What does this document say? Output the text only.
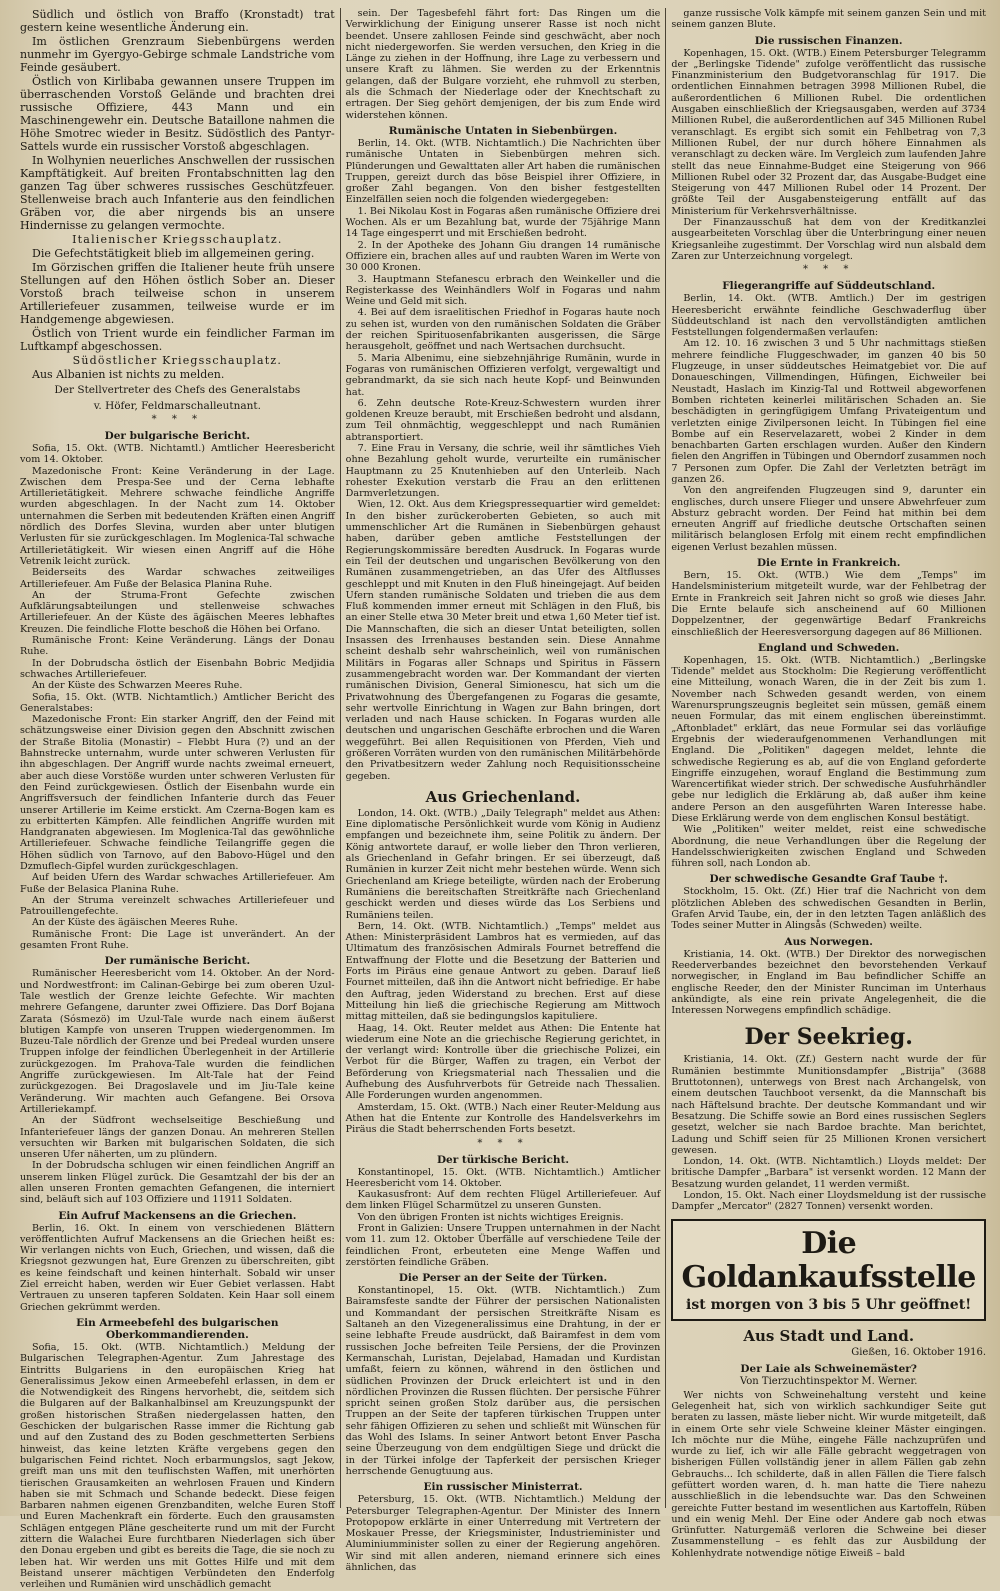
Südlich und östlich von Braffo (Kronstadt) trat gestern keine wesentliche Änderung ein.

Im östlichen Grenzraum Siebenbürgens werden nunmehr im Gyergyo-Gebirge schmale Landstriche vom Feinde gesäubert.

Östlich von Kirlibaba gewannen unsere Truppen im überraschenden Vorstoß Gelände und brachten drei russische Offiziere, 443 Mann und ein Maschinengewehr ein. Deutsche Bataillone nahmen die Höhe Smotrec wieder in Besitz. Südöstlich des Pantyr-Sattels wurde ein russischer Vorstoß abgeschlagen.

In Wolhynien neuerliches Anschwellen der russischen Kampftätigkeit. Auf breiten Frontabschnitten lag den ganzen Tag über schweres russisches Geschützfeuer. Stellenweise brach auch Infanterie aus den feindlichen Gräben vor, die aber nirgends bis an unsere Hindernisse zu gelangen vermochte.

Italienischer Kriegsschauplatz.

Die Gefechtstätigkeit blieb im allgemeinen gering.

Im Görzischen griffen die Italiener heute früh unsere Stellungen auf den Höhen östlich Sober an. Dieser Vorstoß brach teilweise schon in unserem Artilleriefeuer zusammen, teilweise wurde er im Handgemenge abgewiesen.

Östlich von Trient wurde ein feindlicher Farman im Luftkampf abgeschossen.

Südöstlicher Kriegsschauplatz.

Aus Albanien ist nichts zu melden.

Der Stellvertreter des Chefs des Generalstabs

v. Höfer, Feldmarschalleutnant.

* * *
Der bulgarische Bericht.

Sofia, 15. Okt. (WTB. Nichtamtl.) Amtlicher Heeresbericht vom 14. Oktober.

Mazedonische Front: Keine Veränderung in der Lage. Zwischen dem Prespa-See und der Cerna lebhafte Artillerietätigkeit. Mehrere schwache feindliche Angriffe wurden abgeschlagen. In der Nacht zum 14. Oktober unternahmen die Serben mit bedeutenden Kräften einen Angriff nördlich des Dorfes Slevina, wurden aber unter blutigen Verlusten für sie zurückgeschlagen. Im Moglenica-Tal schwache Artillerietätigkeit. Wir wiesen einen Angriff auf die Höhe Vetrenik leicht zurück.

Beiderseits des Wardar schwaches zeitweiliges Artilleriefeuer. Am Fuße der Belasica Planina Ruhe.

An der Struma-Front Gefechte zwischen Aufklärungsabteilungen und stellenweise schwaches Artilleriefeuer. An der Küste des ägäischen Meeres lebhaftes Kreuzen. Die feindliche Flotte beschoß die Höhen bei Orfano.

Rumänische Front: Keine Veränderung. Längs der Donau Ruhe.

In der Dobrudscha östlich der Eisenbahn Bobric Medjidia schwaches Artilleriefeuer.

An der Küste des Schwarzen Meeres Ruhe.

Sofia, 15. Okt. (WTB. Nichtamtlich.) Amtlicher Bericht des Generalstabes:

Mazedonische Front: Ein starker Angriff, den der Feind mit schätzungsweise einer Division gegen den Abschnitt zwischen der Straße Bitolia (Monastir) – Flebbt Hura (?) und an der Bahnstrecke unternahm, wurde unter schweren Verlusten für ihn abgeschlagen. Der Angriff wurde nachts zweimal erneuert, aber auch diese Vorstöße wurden unter schweren Verlusten für den Feind zurückgewiesen. Östlich der Eisenbahn wurde ein Angriffsversuch der feindlichen Infanterie durch das Feuer unserer Artillerie im Keime erstickt. Am Czerna-Bogen kam es zu erbitterten Kämpfen. Alle feindlichen Angriffe wurden mit Handgranaten abgewiesen. Im Moglenica-Tal das gewöhnliche Artilleriefeuer. Schwache feindliche Teilangriffe gegen die Höhen südlich von Tarnovo, auf den Babovo-Hügel und den Dzmuflech-Gipfel wurden zurückgeschlagen.

Auf beiden Ufern des Wardar schwaches Artilleriefeuer. Am Fuße der Belasica Planina Ruhe.

An der Struma vereinzelt schwaches Artilleriefeuer und Patrouillengefechte.

An der Küste des ägäischen Meeres Ruhe.

Rumänische Front: Die Lage ist unverändert. An der gesamten Front Ruhe.

Der rumänische Bericht.

Rumänischer Heeresbericht vom 14. Oktober. An der Nord- und Nordwestfront: im Calinan-Gebirge bei zum oberen Uzul-Tale westlich der Grenze leichte Gefechte. Wir machten mehrere Gefangene, darunter zwei Offiziere. Das Dorf Bojana Zarata (Sósmezö) im Uzul-Tale wurde nach einem äußerst blutigen Kampfe von unseren Truppen wiedergenommen. Im Buzeu-Tale nördlich der Grenze und bei Predeal wurden unsere Truppen infolge der feindlichen Überlegenheit in der Artillerie zurückgezogen. Im Prahova-Tale wurden die feindlichen Angriffe zurückgewiesen. Im Alt-Tale hat der Feind zurückgezogen. Bei Dragoslavele und im Jiu-Tale keine Veränderung. Wir machten auch Gefangene. Bei Orsova Artilleriekampf.

An der Südfront wechselseitige Beschießung und Infanteriefeuer längs der ganzen Donau. An mehreren Stellen versuchten wir Barken mit bulgarischen Soldaten, die sich unseren Ufer näherten, um zu plündern.

In der Dobrudscha schlugen wir einen feindlichen Angriff an unserem linken Flügel zurück. Die Gesamtzahl der bis der an allen unseren Fronten gemachten Gefangenen, die interniert sind, beläuft sich auf 103 Offiziere und 11911 Soldaten.

Ein Aufruf Mackensens an die Griechen.

Berlin, 16. Okt. In einem von verschiedenen Blättern veröffentlichten Aufruf Mackensens an die Griechen heißt es: Wir verlangen nichts von Euch, Griechen, und wissen, daß die Kriegsnot gezwungen hat, Eure Grenzen zu überschreiten, gibt es keine feindschaft und keinen hinterhalt. Sobald wir unser Ziel erreicht haben, werden wir Euer Gebiet verlassen. Habt Vertrauen zu unseren tapferen Soldaten. Kein Haar soll einem Griechen gekrümmt werden.

Ein Armeebefehl des bulgarischen
Oberkommandierenden.

Sofia, 15. Okt. (WTB. Nichtamtlich.) Meldung der Bulgarischen Telegraphen-Agentur. Zum Jahrestage des Eintritts Bulgariens in den europäischen Krieg hat Generalissimus Jekow einen Armeebefehl erlassen, in dem er die Notwendigkeit des Ringens hervorhebt, die, seitdem sich die Bulgaren auf der Balkanhalbinsel am Kreuzungspunkt der großen historischen Straßen niedergelassen hatten, den Geschicken der bulgarischen Rasse immer die Richtung gab und auf den Zustand des zu Boden geschmetterten Serbiens hinweist, das keine letzten Kräfte vergebens gegen den bulgarischen Feind richtet. Noch erbarmungslos, sagt Jekow, greift man uns mit den teuflischsten Waffen, mit unerhörten tierischen Grausamkeiten an wehrlosen Frauen und Kindern haben sie mit Schmach und Schande bedeckt. Diese feigen Barbaren nahmen eigenen Grenzbanditen, welche Euren Stoff und Euren Machenkraft ein förderte. Euch den grausamsten Schlägen entgegen Pläne gescheiterte rund um mit der Furcht zittern die Walachei Eure furchtbaren Niederlagen sich über den Donau ergeben und gibt es bereits die Tage, die sie noch zu leben hat. Wir werden uns mit Gottes Hilfe und mit dem Beistand unserer mächtigen Verbündeten den Enderfolg verleihen und Rumänien wird unschädlich gemacht

sein. Der Tagesbefehl fährt fort: Das Ringen um die Verwirklichung der Einigung unserer Rasse ist noch nicht beendet. Unsere zahllosen Feinde sind geschwächt, aber noch nicht niedergeworfen. Sie werden versuchen, den Krieg in die Länge zu ziehen in der Hoffnung, ihre Lage zu verbessern und unsere Kraft zu lähmen. Sie werden zu der Erkenntnis gelangen, daß der Bulgare vorzieht, ehe ruhmvoll zu sterben, als die Schmach der Niederlage oder der Knechtschaft zu ertragen. Der Sieg gehört demjenigen, der bis zum Ende wird widerstehen können.

Rumänische Untaten in Siebenbürgen.

Berlin, 14. Okt. (WTB. Nichtamtlich.) Die Nachrichten über rumänische Untaten in Siebenbürgen mehren sich. Plünderungen und Gewalttaten aller Art haben die rumänischen Truppen, gereizt durch das böse Beispiel ihrer Offiziere, in großer Zahl begangen. Von den bisher festgestellten Einzelfällen seien noch die folgenden wiedergegeben:

1. Bei Nikolau Kost in Fogaras aßen rumänische Offiziere drei Wochen. Als er um Bezahlung bat, wurde der 75jährige Mann 14 Tage eingesperrt und mit Erschießen bedroht.

2. In der Apotheke des Johann Giu drangen 14 rumänische Offiziere ein, brachen alles auf und raubten Waren im Werte von 30 000 Kronen.

3. Hauptmann Stefanescu erbrach den Weinkeller und die Registerkasse des Weinhändlers Wolf in Fogaras und nahm Weine und Geld mit sich.

4. Bei auf dem israelitischen Friedhof in Fogaras haute noch zu sehen ist, wurden von den rumänischen Soldaten die Gräber der reichen Spirituosenfabrikanten ausgerissen, die Särge herausgeholt, geöffnet und nach Wertsachen durchsucht.

5. Maria Albenimu, eine siebzehnjährige Rumänin, wurde in Fogaras von rumänischen Offizieren verfolgt, vergewaltigt und gebrandmarkt, da sie sich nach heute Kopf- und Beinwunden hat.

6. Zehn deutsche Rote-Kreuz-Schwestern wurden ihrer goldenen Kreuze beraubt, mit Erschießen bedroht und alsdann, zum Teil ohnmächtig, weggeschleppt und nach Rumänien abtransportiert.

7. Eine Frau in Versany, die schrie, weil ihr sämtliches Vieh ohne Bezahlung geholt wurde, verurteilte ein rumänischer Hauptmann zu 25 Knutenhieben auf den Unterleib. Nach rohester Exekution verstarb die Frau an den erlittenen Darmverletzungen.

Wien, 12. Okt. Aus dem Kriegspressequartier wird gemeldet: In den bisher zurückeroberten Gebieten, so auch mit ummenschlicher Art die Rumänen in Siebenbürgen gehaust haben, darüber geben amtliche Feststellungen der Regierungskommissäre beredten Ausdruck. In Fogaras wurde ein Teil der deutschen und ungarischen Bevölkerung von den Rumänen zusammengetrieben, an das Ufer des Altflusses geschleppt und mit Knuten in den Fluß hineingejagt. Auf beiden Ufern standen rumänische Soldaten und trieben die aus dem Fluß kommenden immer erneut mit Schlägen in den Fluß, bis an einer Stelle etwa 30 Meter breit und etwa 1,60 Meter tief ist. Die Mannschaften, die sich an dieser Untat beteiligten, sollen Insassen des Irrenhauses bestanden sein. Diese Annahme scheint deshalb sehr wahrscheinlich, weil von rumänischen Militärs in Fogaras aller Schnaps und Spiritus in Fässern zusammengebracht worden war. Der Kommandant der vierten rumänischen Division, General Simionescu, hat sich um die Privatwohnung des Übergefangenen zu Fogaras die gesamte, sehr wertvolle Einrichtung in Wagen zur Bahn bringen, dort verladen und nach Hause schicken. In Fogaras wurden alle deutschen und ungarischen Geschäfte erbrochen und die Waren weggeführt. Bei allen Requisitionen von Pferden, Vieh und größeren Vorräten wurden von den rumänischen Militärbehörde den Privatbesitzern weder Zahlung noch Requisitionsscheine gegeben.

Aus Griechenland.

London, 14. Okt. (WTB.) „Daily Telegraph" meldet aus Athen: Eine diplomatische Persönlichkeit wurde vom König in Audienz empfangen und bezeichnete ihm, seine Politik zu ändern. Der König antwortete darauf, er wolle lieber den Thron verlieren, als Griechenland in Gefahr bringen. Er sei überzeugt, daß Rumänien in kurzer Zeit nicht mehr bestehen würde. Wenn sich Griechenland am Kriege beteiligte, würden nach der Eroberung Rumäniens die bereitschaften Streitkräfte nach Griechenland geschickt werden und dieses würde das Los Serbiens und Rumäniens teilen.

Bern, 14. Okt. (WTB. Nichtamtlich.) „Temps" meldet aus Athen: Ministerpräsident Lambros hat es vermieden, auf das Ultimatum des französischen Admirals Fournet betreffend die Entwaffnung der Flotte und die Besetzung der Batterien und Forts im Piräus eine genaue Antwort zu geben. Darauf ließ Fournet mitteilen, daß ihn die Antwort nicht befriedige. Er habe den Auftrag, jeden Widerstand zu brechen. Erst auf diese Mitteilung hin ließ die griechische Regierung am Mittwoch mittag mitteilen, daß sie bedingungslos kapituliere.

Haag, 14. Okt. Reuter meldet aus Athen: Die Entente hat wiederum eine Note an die griechische Regierung gerichtet, in der verlangt wird: Kontrolle über die griechische Polizei, ein Verbot für die Bürger, Waffen zu tragen, ein Verbot der Beförderung von Kriegsmaterial nach Thessalien und die Aufhebung des Ausfuhrverbots für Getreide nach Thessalien. Alle Forderungen wurden angenommen.

Amsterdam, 15. Okt. (WTB.) Nach einer Reuter-Meldung aus Athen hat die Entente zur Kontrolle des Handelsverkehrs im Piräus die Stadt beherrschenden Forts besetzt.

* * *
Der türkische Bericht.

Konstantinopel, 15. Okt. (WTB. Nichtamtlich.) Amtlicher Heeresbericht vom 14. Oktober.

Kaukasusfront: Auf dem rechten Flügel Artilleriefeuer. Auf dem linken Flügel Scharmützel zu unseren Gunsten.

Von den übrigen Fronten ist nichts wichtiges Ereignis.

Front in Galizien: Unsere Truppen unternahmen in der Nacht vom 11. zum 12. Oktober Überfälle auf verschiedene Teile der feindlichen Front, erbeuteten eine Menge Waffen und zerstörten feindliche Gräben.

Die Perser an der Seite der Türken.

Konstantinopel, 15. Okt. (WTB. Nichtamtlich.) Zum Bairamsfeste sandte der Führer der persischen Nationalisten und Kommandant der persischen Streitkräfte Nisam es Saltaneh an den Vizegeneralissimus eine Drahtung, in der er seine lebhafte Freude ausdrückt, daß Bairamfest in dem vom russischen Joche befreiten Teile Persiens, der die Provinzen Kermanschah, Luristan, Dejelabad, Hamadan und Kurdistan umfaßt, feiern zu können, während in den östlichen und südlichen Provinzen der Druck erleichtert ist und in den nördlichen Provinzen die Russen flüchten. Der persische Führer spricht seinen großen Stolz darüber aus, die persischen Truppen an der Seite der tapferen türkischen Truppen unter sehr fähigen Offizieren zu sehen und schließt mit Wünschen für das Wohl des Islams. In seiner Antwort betont Enver Pascha seine Überzeugung von dem endgültigen Siege und drückt die in der Türkei infolge der Tapferkeit der persischen Krieger herrschende Genugtuung aus.

Ein russischer Ministerrat.

Petersburg, 15. Okt. (WTB. Nichtamtlich.) Meldung der Petersburger Telegraphen-Agentur. Der Minister des Innern Protopopow erklärte in einer Unterredung mit Vertretern der Moskauer Presse, der Kriegsminister, Industrieminister und Aluminiumminister sollen zu einer der Regierung angehören. Wir sind mit allen anderen, niemand erinnere sich eines ähnlichen, das

ganze russische Volk kämpfe mit seinem ganzen Sein und mit seinem ganzen Blute.

Die russischen Finanzen.

Kopenhagen, 15. Okt. (WTB.) Einem Petersburger Telegramm der „Berlingske Tidende" zufolge veröffentlicht das russische Finanzministerium den Budgetvoranschlag für 1917. Die ordentlichen Einnahmen betragen 3998 Millionen Rubel, die außerordentlichen 6 Millionen Rubel. Die ordentlichen Ausgaben einschließlich der Kriegsausgaben, werden auf 3734 Millionen Rubel, die außerordentlichen auf 345 Millionen Rubel veranschlagt. Es ergibt sich somit ein Fehlbetrag von 7,3 Millionen Rubel, der nur durch höhere Einnahmen als veranschlagt zu decken wäre. Im Vergleich zum laufenden Jahre stellt das neue Einnahme-Budget eine Steigerung von 966 Millionen Rubel oder 32 Prozent dar, das Ausgabe-Budget eine Steigerung von 447 Millionen Rubel oder 14 Prozent. Der größte Teil der Ausgabensteigerung entfällt auf das Ministerium für Verkehrsverhältnisse.

Der Finanzausschuß hat dem von der Kreditkanzlei ausgearbeiteten Vorschlag über die Unterbringung einer neuen Kriegsanleihe zugestimmt. Der Vorschlag wird nun alsbald dem Zaren zur Unterzeichnung vorgelegt.

* * *
Fliegerangriffe auf Süddeutschland.

Berlin, 14. Okt. (WTB. Amtlich.) Der im gestrigen Heeresbericht erwähnte feindliche Geschwaderflug über Süddeutschland ist nach den vervollständigten amtlichen Feststellungen folgendermaßen verlaufen:

Am 12. 10. 16 zwischen 3 und 5 Uhr nachmittags stießen mehrere feindliche Fluggeschwader, im ganzen 40 bis 50 Flugzeuge, in unser süddeutsches Heimatgebiet vor. Die auf Donaueschingen, Villmendingen, Hüfingen, Eichweiler bei Neustadt, Haslach im Kinzig-Tal und Rottweil abgeworfenen Bomben richteten keinerlei militärischen Schaden an. Sie beschädigten in geringfügigem Umfang Privateigentum und verletzten einige Zivilpersonen leicht. In Tübingen fiel eine Bombe auf ein Reservelazarett, wobei 2 Kinder in dem benachbarten Garten erschlagen wurden. Außer den Kindern fielen den Angriffen in Tübingen und Oberndorf zusammen noch 7 Personen zum Opfer. Die Zahl der Verletzten beträgt im ganzen 26.

Von den angreifenden Flugzeugen sind 9, darunter ein englisches, durch unsere Flieger und unsere Abwehrfeuer zum Absturz gebracht worden. Der Feind hat mithin bei dem erneuten Angriff auf friedliche deutsche Ortschaften seinen militärisch belanglosen Erfolg mit einem recht empfindlichen eigenen Verlust bezahlen müssen.

Die Ernte in Frankreich.

Bern, 15. Okt. (WTB.) Wie dem „Temps" im Handelsministerium mitgeteilt wurde, war der Fehlbetrag der Ernte in Frankreich seit Jahren nicht so groß wie dieses Jahr. Die Ernte belaufe sich anscheinend auf 60 Millionen Doppelzentner, der gegenwärtige Bedarf Frankreichs einschließlich der Heeresversorgung dagegen auf 86 Millionen.

England und Schweden.

Kopenhagen, 15. Okt. (WTB. Nichtamtlich.) „Berlingske Tidende" meldet aus Stockholm: Die Regierung veröffentlicht eine Mitteilung, wonach Waren, die in der Zeit bis zum 1. November nach Schweden gesandt werden, von einem Warenursprungszeugnis begleitet sein müssen, gemäß einem neuen Formular, das mit einem englischen übereinstimmt. „Aftonbladet" erklärt, das neue Formular sei das vorläufige Ergebnis der wiederaufgenommenen Verhandlungen mit England. Die „Politiken" dagegen meldet, lehnte die schwedische Regierung es ab, auf die von England geforderte Eingriffe einzugehen, worauf England die Bestimmung zum Warencertifikat wieder strich. Der schwedische Ausfuhrhändler gebe nur lediglich die Erklärung ab, daß außer ihm keine andere Person an den ausgeführten Waren Interesse habe. Diese Erklärung werde von dem englischen Konsul bestätigt.

Wie „Politiken" weiter meldet, reist eine schwedische Abordnung, die neue Verhandlungen über die Regelung der Handelsschwierigkeiten zwischen England und Schweden führen soll, nach London ab.

Der schwedische Gesandte Graf Taube †.

Stockholm, 15. Okt. (Zf.) Hier traf die Nachricht von dem plötzlichen Ableben des schwedischen Gesandten in Berlin, Grafen Arvid Taube, ein, der in den letzten Tagen anläßlich des Todes seiner Mutter in Alingsås (Schweden) weilte.

Aus Norwegen.

Kristiania, 14. Okt. (WTB.) Der Direktor des norwegischen Reederverbandes bezeichnet den bevorstehenden Verkauf norwegischer, in England im Bau befindlicher Schiffe an englische Reeder, den der Minister Runciman im Unterhaus ankündigte, als eine rein private Angelegenheit, die die Interessen Norwegens empfindlich schädige.

Der Seekrieg.

Kristiania, 14. Okt. (Zf.) Gestern nacht wurde der für Rumänien bestimmte Munitionsdampfer „Bistrija" (3688 Bruttotonnen), unterwegs von Brest nach Archangelsk, von einem deutschen Tauchboot versenkt, da die Mannschaft bis nach Häftelsund brachte. Der deutsche Kommandant und wir Besatzung. Die Schiffe sowie an Bord eines russischen Seglers gesetzt, welcher sie nach Bardoe brachte. Man berichtet, Ladung und Schiff seien für 25 Millionen Kronen versichert gewesen.

London, 14. Okt. (WTB. Nichtamtlich.) Lloyds meldet: Der britische Dampfer „Barbara" ist versenkt worden. 12 Mann der Besatzung wurden gelandet, 11 werden vermißt.

London, 15. Okt. Nach einer Lloydsmeldung ist der russische Dampfer „Mercator" (2827 Tonnen) versenkt worden.

Die Goldankaufsstelle
ist morgen von 3 bis 5 Uhr geöffnet!
Aus Stadt und Land.
Gießen, 16. Oktober 1916.
Der Laie als Schweinemäster?
Von Tierzuchtinspektor M. Werner.

Wer nichts von Schweinehaltung versteht und keine Gelegenheit hat, sich von wirklich sachkundiger Seite gut beraten zu lassen, mäste lieber nicht. Wir wurde mitgeteilt, daß in einem Orte sehr viele Schweine kleiner Mäster eingingen. Ich möchte nur die Mühe, eingehe Fälle nachzuprüfen und wurde zu lief, ich wir alle Fälle gebracht weggetragen von bisherigen Füllen vollständig jener in allem Fällen gab zehn Gebrauchs... Ich schilderte, daß in allen Fällen die Tiere falsch gefüttert worden waren, d. h. man hatte die Tiere nahezu ausschließlich in die lebendsuchte war. Das den Schweinen gereichte Futter bestand im wesentlichen aus Kartoffeln, Rüben und ein wenig Mehl. Der Eine oder Andere gab noch etwas Grünfutter. Naturgemäß verloren die Schweine bei dieser Zusammenstellung – es fehlt das zur Ausbildung der Kohlenhydrate notwendige nötige Eiweiß – bald
